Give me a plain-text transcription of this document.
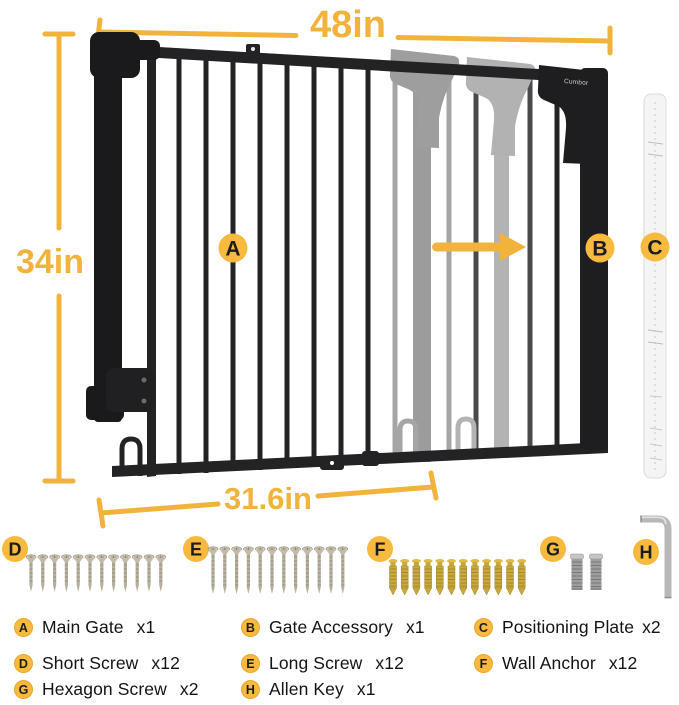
48in
34in
Cumbor
31.6in
A	B C
D	E	F	G	H
A Main Gate x1	B Gate Accessory x1	C Positioning Plate x2
D Short Screw x12	E Long Screw x12	F Wall Anchor x12
G Hexagon Screw x2	H Allen Key x1
